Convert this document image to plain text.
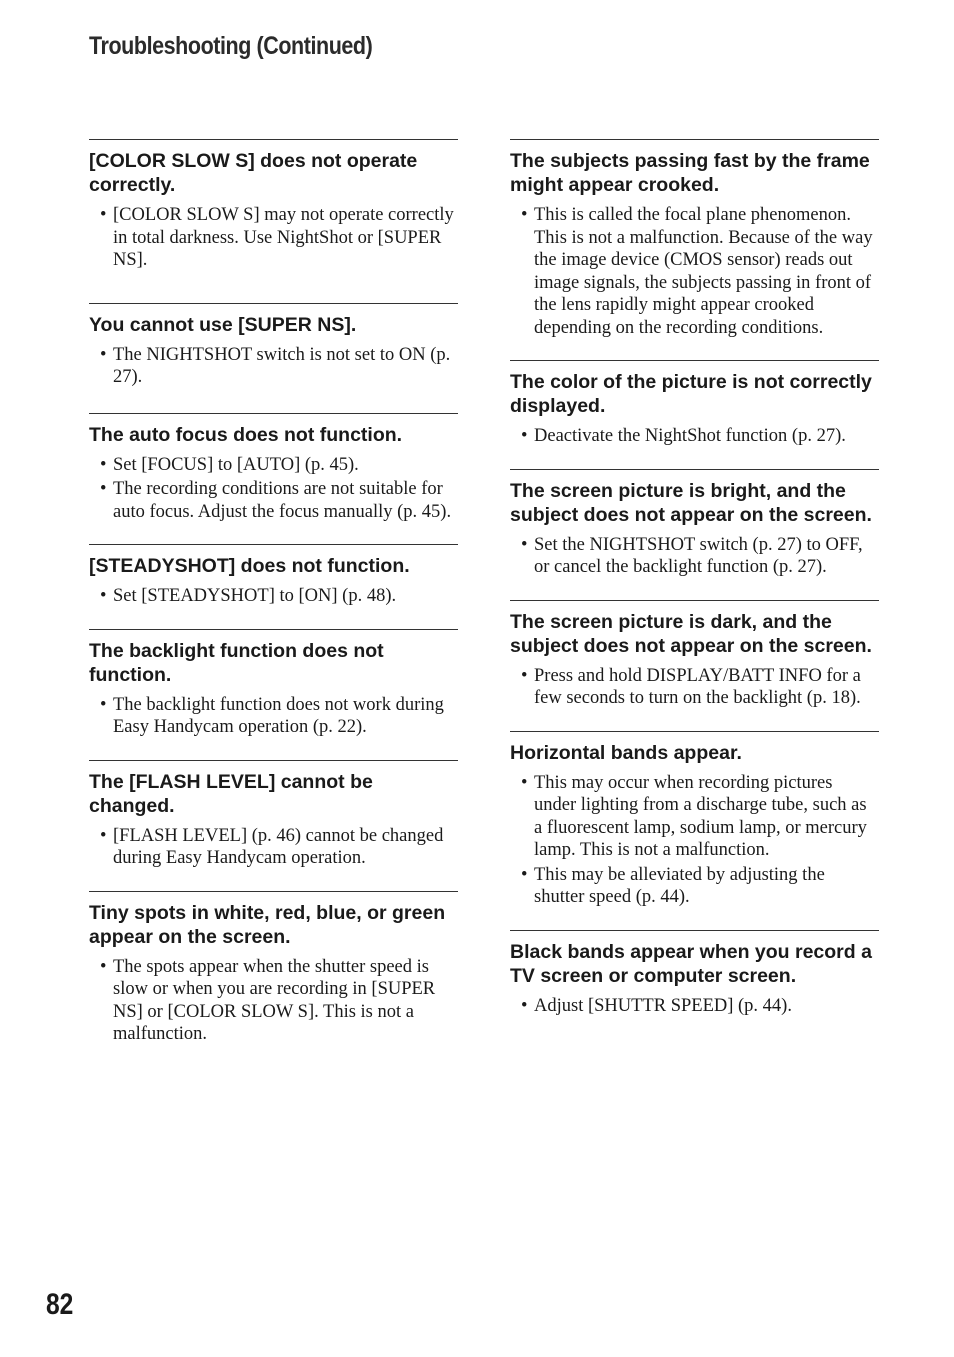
Troubleshooting (Continued)
[COLOR SLOW S] does not operate correctly.
• [COLOR SLOW S] may not operate correctly in total darkness. Use NightShot or [SUPER NS].
You cannot use [SUPER NS].
• The NIGHTSHOT switch is not set to ON (p. 27).
The auto focus does not function.
• Set [FOCUS] to [AUTO] (p. 45).
• The recording conditions are not suitable for auto focus. Adjust the focus manually (p. 45).
[STEADYSHOT] does not function.
• Set [STEADYSHOT] to [ON] (p. 48).
The backlight function does not function.
• The backlight function does not work during Easy Handycam operation (p. 22).
The [FLASH LEVEL] cannot be changed.
• [FLASH LEVEL] (p. 46) cannot be changed during Easy Handycam operation.
Tiny spots in white, red, blue, or green appear on the screen.
• The spots appear when the shutter speed is slow or when you are recording in [SUPER NS] or [COLOR SLOW S]. This is not a malfunction.
The subjects passing fast by the frame might appear crooked.
• This is called the focal plane phenomenon. This is not a malfunction. Because of the way the image device (CMOS sensor) reads out image signals, the subjects passing in front of the lens rapidly might appear crooked depending on the recording conditions.
The color of the picture is not correctly displayed.
• Deactivate the NightShot function (p. 27).
The screen picture is bright, and the subject does not appear on the screen.
• Set the NIGHTSHOT switch (p. 27) to OFF, or cancel the backlight function (p. 27).
The screen picture is dark, and the subject does not appear on the screen.
• Press and hold DISPLAY/BATT INFO for a few seconds to turn on the backlight (p. 18).
Horizontal bands appear.
• This may occur when recording pictures under lighting from a discharge tube, such as a fluorescent lamp, sodium lamp, or mercury lamp. This is not a malfunction.
• This may be alleviated by adjusting the shutter speed (p. 44).
Black bands appear when you record a TV screen or computer screen.
• Adjust [SHUTTR SPEED] (p. 44).
82
